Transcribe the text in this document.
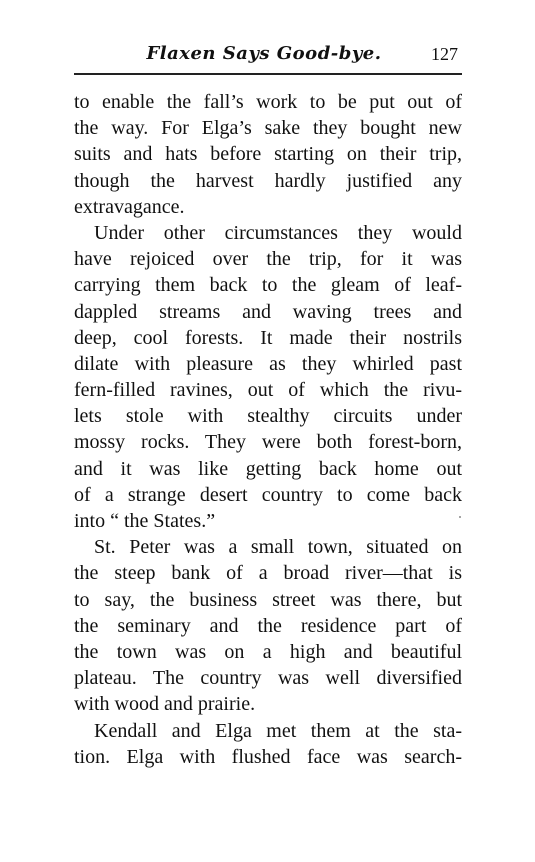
Flaxen Says Good-bye.	127
to enable the fall’s work to be put out of
the way. For Elga’s sake they bought new
suits and hats before starting on their trip,
though the harvest hardly justified any
extravagance.
Under other circumstances they would
have rejoiced over the trip, for it was
carrying them back to the gleam of leaf-
dappled streams and waving trees and
deep, cool forests. It made their nostrils
dilate with pleasure as they whirled past
fern-filled ravines, out of which the rivu-
lets stole with stealthy circuits under
mossy rocks. They were both forest-born,
and it was like getting back home out
of a strange desert country to come back
into “ the States.”
St. Peter was a small town, situated on
the steep bank of a broad river—that is
to say, the business street was there, but
the seminary and the residence part of
the town was on a high and beautiful
plateau. The country was well diversified
with wood and prairie.
Kendall and Elga met them at the sta-
tion. Elga with flushed face was search-
